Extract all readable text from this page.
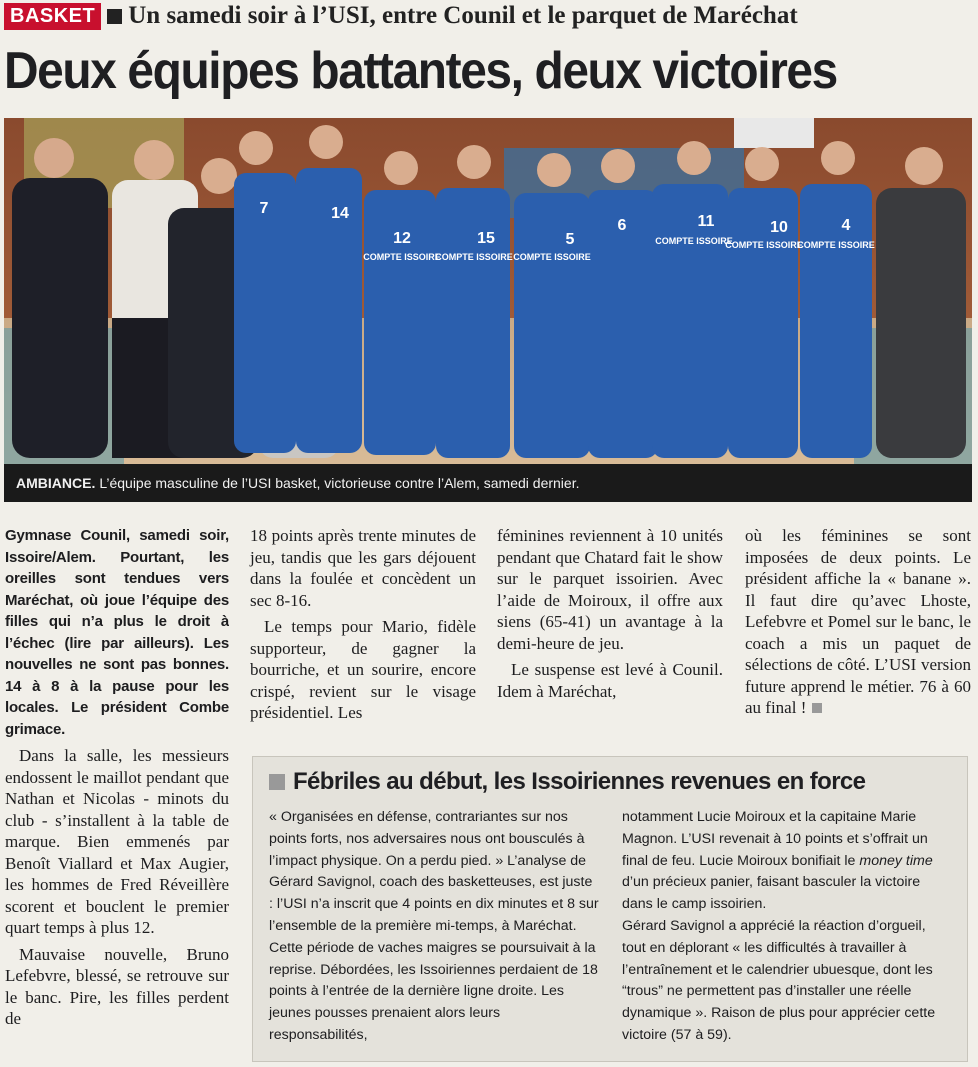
BASKET Un samedi soir à l’USI, entre Counil et le parquet de Maréchat
Deux équipes battantes, deux victoires
7	14
12	15	5
6	11	10	4
COMPTE ISSOIRE
COMPTE ISSOIRE COMPTE ISSOIRE
COMPTE ISSOIRE
COMPTE ISSOIRE
COMPTE ISSOIRE
AMBIANCE. L’équipe masculine de l’USI basket, victorieuse contre l’Alem, samedi dernier.

Gymnase Counil, samedi soir, Issoire/Alem. Pourtant, les oreilles sont tendues vers Maréchat, où joue l’équipe des filles qui n’a plus le droit à l’échec (lire par ailleurs). Les nouvelles ne sont pas bonnes. 14 à 8 à la pause pour les locales. Le président Combe grimace.

Dans la salle, les messieurs endossent le maillot pendant que Nathan et Nicolas - minots du club - s’installent à la table de marque. Bien emmenés par Benoît Viallard et Max Augier, les hommes de Fred Réveillère scorent et bouclent le premier quart temps à plus 12.

Mauvaise nouvelle, Bruno Lefebvre, blessé, se retrouve sur le banc. Pire, les filles perdent de

18 points après trente minutes de jeu, tandis que les gars déjouent dans la foulée et concèdent un sec 8-16.

Le temps pour Mario, fidèle supporteur, de gagner la bourriche, et un sourire, encore crispé, revient sur le visage présidentiel. Les

féminines reviennent à 10 unités pendant que Chatard fait le show sur le parquet issoirien. Avec l’aide de Moiroux, il offre aux siens (65-41) un avantage à la demi-heure de jeu.

Le suspense est levé à Counil. Idem à Maréchat,

où les féminines se sont imposées de deux points. Le président affiche la « banane ». Il faut dire qu’avec Lhoste, Lefebvre et Pomel sur le banc, le coach a mis un paquet de sélections de côté. L’USI version future apprend le métier. 76 à 60 au final !

Fébriles au début, les Issoiriennes revenues en force

« Organisées en défense, contrariantes sur nos points forts, nos adversaires nous ont bousculés à l’impact physique. On a perdu pied. » L’analyse de Gérard Savignol, coach des basketteuses, est juste : l’USI n’a inscrit que 4 points en dix minutes et 8 sur l’ensemble de la première mi-temps, à Maréchat. Cette période de vaches maigres se poursuivait à la reprise. Débordées, les Issoiriennes perdaient de 18 points à l’entrée de la dernière ligne droite. Les jeunes pousses prenaient alors leurs responsabilités,

notamment Lucie Moiroux et la capitaine Marie Magnon. L’USI revenait à 10 points et s’offrait un final de feu. Lucie Moiroux bonifiait le money time d’un précieux panier, faisant basculer la victoire dans le camp issoirien.

Gérard Savignol a apprécié la réaction d’orgueil, tout en déplorant « les difficultés à travailler à l’entraînement et le calendrier ubuesque, dont les “trous” ne permettent pas d’installer une réelle dynamique ». Raison de plus pour apprécier cette victoire (57 à 59).
